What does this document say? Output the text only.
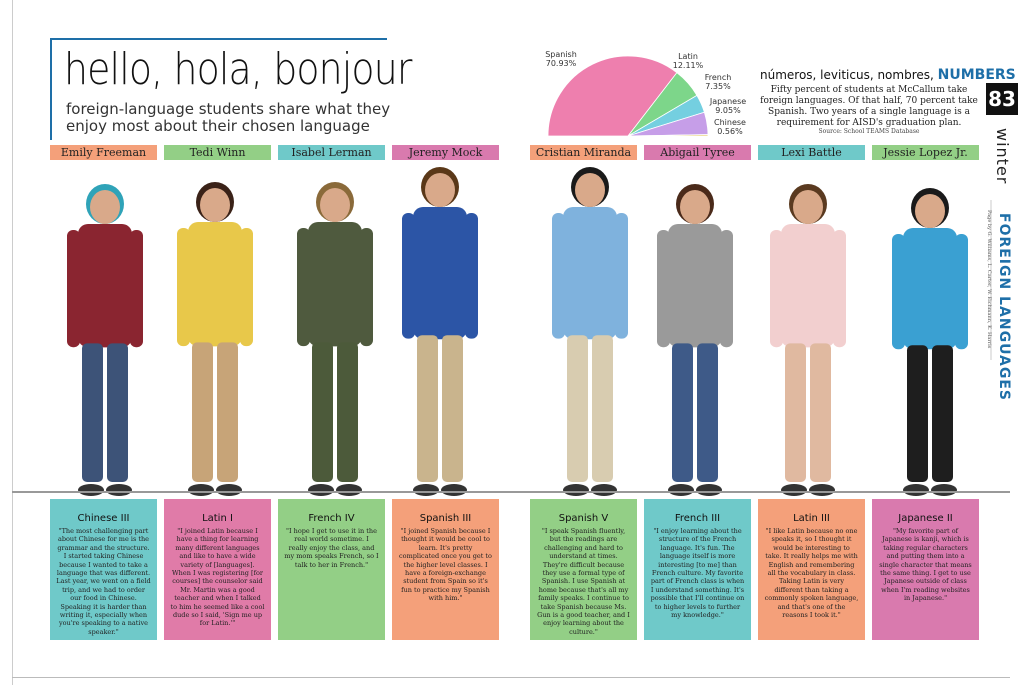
hello, hola, bonjour
foreign-language students share what they enjoy most about their chosen language
Spanish
70.93%
Latin
12.11%
French
7.35%
Japanese
9.05%
Chinese
0.56%
números, leviticus, nombres, NUMBERS
Fifty percent of students at McCallum take foreign languages. Of that half, 70 percent take Spanish. Two years of a single language is a requirement for AISD's graduation plan.
Source: School TEAMS Database
83
winter
Page by G. Williams, L. Carter, W. Eichmann, K. Harris FOREIGN LANGUAGES
Emily Freeman	Tedi Winn	Isabel Lerman	Jeremy Mock	Cristian Miranda	Abigail Tyree	Lexi Battle	Jessie Lopez Jr.
Chinese III
"The most challenging part about Chinese for me is the grammar and the structure. I started taking Chinese because I wanted to take a language that was different. Last year, we went on a field trip, and we had to order our food in Chinese. Speaking it is harder than writing it, especially when you're speaking to a native speaker."
Latin I
"I joined Latin because I have a thing for learning many different languages and like to have a wide variety of [languages]. When I was registering [for courses] the counselor said Mr. Martin was a good teacher and when I talked to him he seemed like a cool dude so I said, 'Sign me up for Latin.'"
French IV
"I hope I get to use it in the real world sometime. I really enjoy the class, and my mom speaks French, so I talk to her in French."
Spanish III
"I joined Spanish because I thought it would be cool to learn. It's pretty complicated once you get to the higher level classes. I have a foreign-exchange student from Spain so it's fun to practice my Spanish with him."
Spanish V
"I speak Spanish fluently, but the readings are challenging and hard to understand at times. They're difficult because they use a formal type of Spanish. I use Spanish at home because that's all my family speaks. I continue to take Spanish because Ms. Gun is a good teacher, and I enjoy learning about the culture."
French III
"I enjoy learning about the structure of the French language. It's fun. The language itself is more interesting [to me] than French culture. My favorite part of French class is when I understand something. It's possible that I'll continue on to higher levels to further my knowledge."
Latin III
"I like Latin because no one speaks it, so I thought it would be interesting to take. It really helps me with English and remembering all the vocabulary in class. Taking Latin is very different than taking a commonly spoken language, and that's one of the reasons I took it."
Japanese II
"My favorite part of Japanese is kanji, which is taking regular characters and putting them into a single character that means the same thing. I get to use Japanese outside of class when I'm reading websites in Japanese."
